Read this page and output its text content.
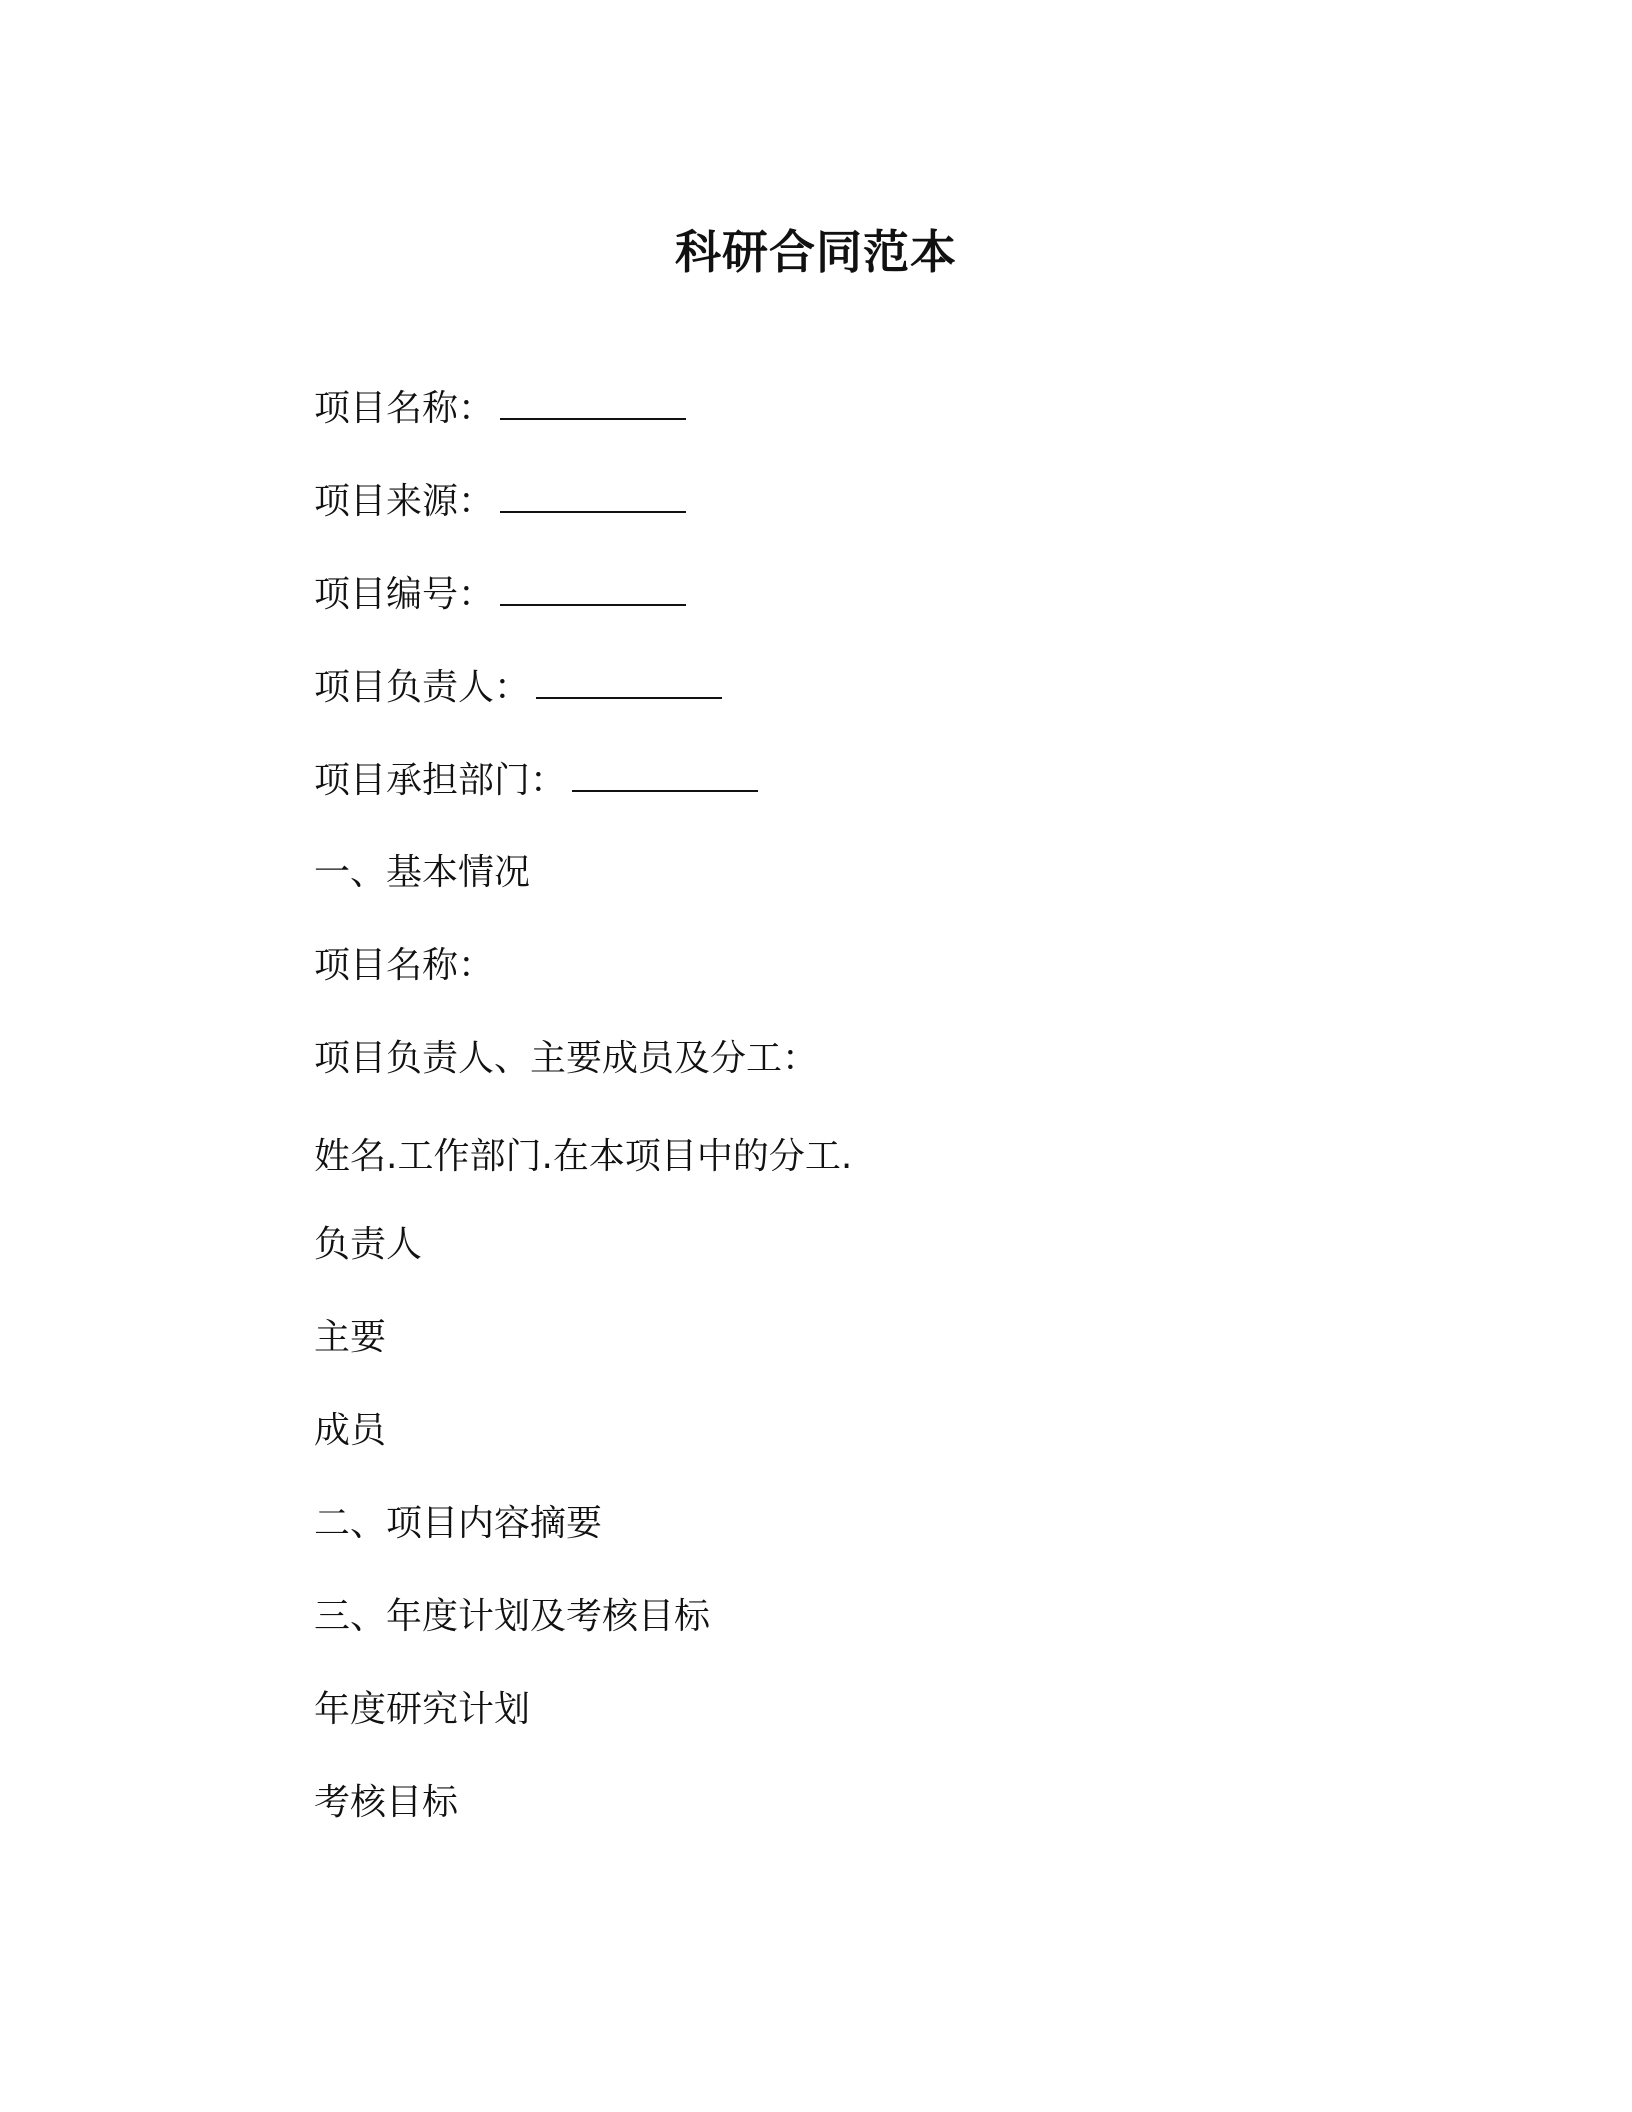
科研合同范本
项目名称：
项目来源：
项目编号：
项目负责人：
项目承担部门：
一、基本情况
项目名称：
项目负责人、主要成员及分工：
姓名.工作部门.在本项目中的分工.
负责人
主要
成员
二、项目内容摘要
三、年度计划及考核目标
年度研究计划
考核目标
